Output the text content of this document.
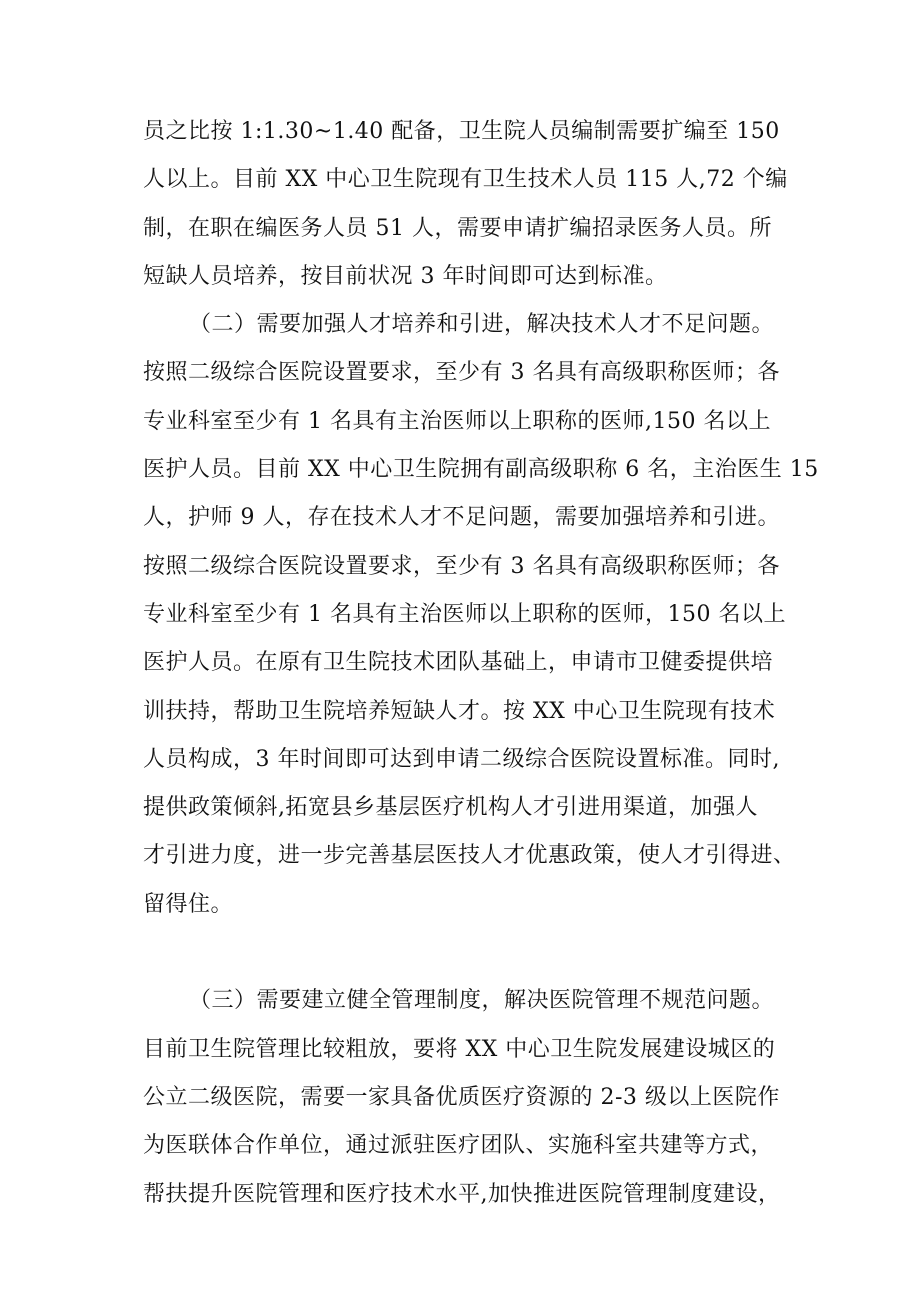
员之比按 1:1.30~1.40 配备，卫生院人员编制需要扩编至 150
人以上。目前 XX 中心卫生院现有卫生技术人员 115 人,72 个编
制，在职在编医务人员 51 人，需要申请扩编招录医务人员。所
短缺人员培养，按目前状况 3 年时间即可达到标准。
（二）需要加强人才培养和引进，解决技术人才不足问题。
按照二级综合医院设置要求，至少有 3 名具有高级职称医师；各
专业科室至少有 1 名具有主治医师以上职称的医师,150 名以上
医护人员。目前 XX 中心卫生院拥有副高级职称 6 名，主治医生 15
人，护师 9 人，存在技术人才不足问题，需要加强培养和引进。
按照二级综合医院设置要求，至少有 3 名具有高级职称医师；各
专业科室至少有 1 名具有主治医师以上职称的医师，150 名以上
医护人员。在原有卫生院技术团队基础上，申请市卫健委提供培
训扶持，帮助卫生院培养短缺人才。按 XX 中心卫生院现有技术
人员构成，3 年时间即可达到申请二级综合医院设置标准。同时,
提供政策倾斜,拓宽县乡基层医疗机构人才引进用渠道，加强人
才引进力度，进一步完善基层医技人才优惠政策，使人才引得进、
留得住。
（三）需要建立健全管理制度，解决医院管理不规范问题。
目前卫生院管理比较粗放，要将 XX 中心卫生院发展建设城区的
公立二级医院，需要一家具备优质医疗资源的 2-3 级以上医院作
为医联体合作单位，通过派驻医疗团队、实施科室共建等方式，
帮扶提升医院管理和医疗技术水平,加快推进医院管理制度建设，
